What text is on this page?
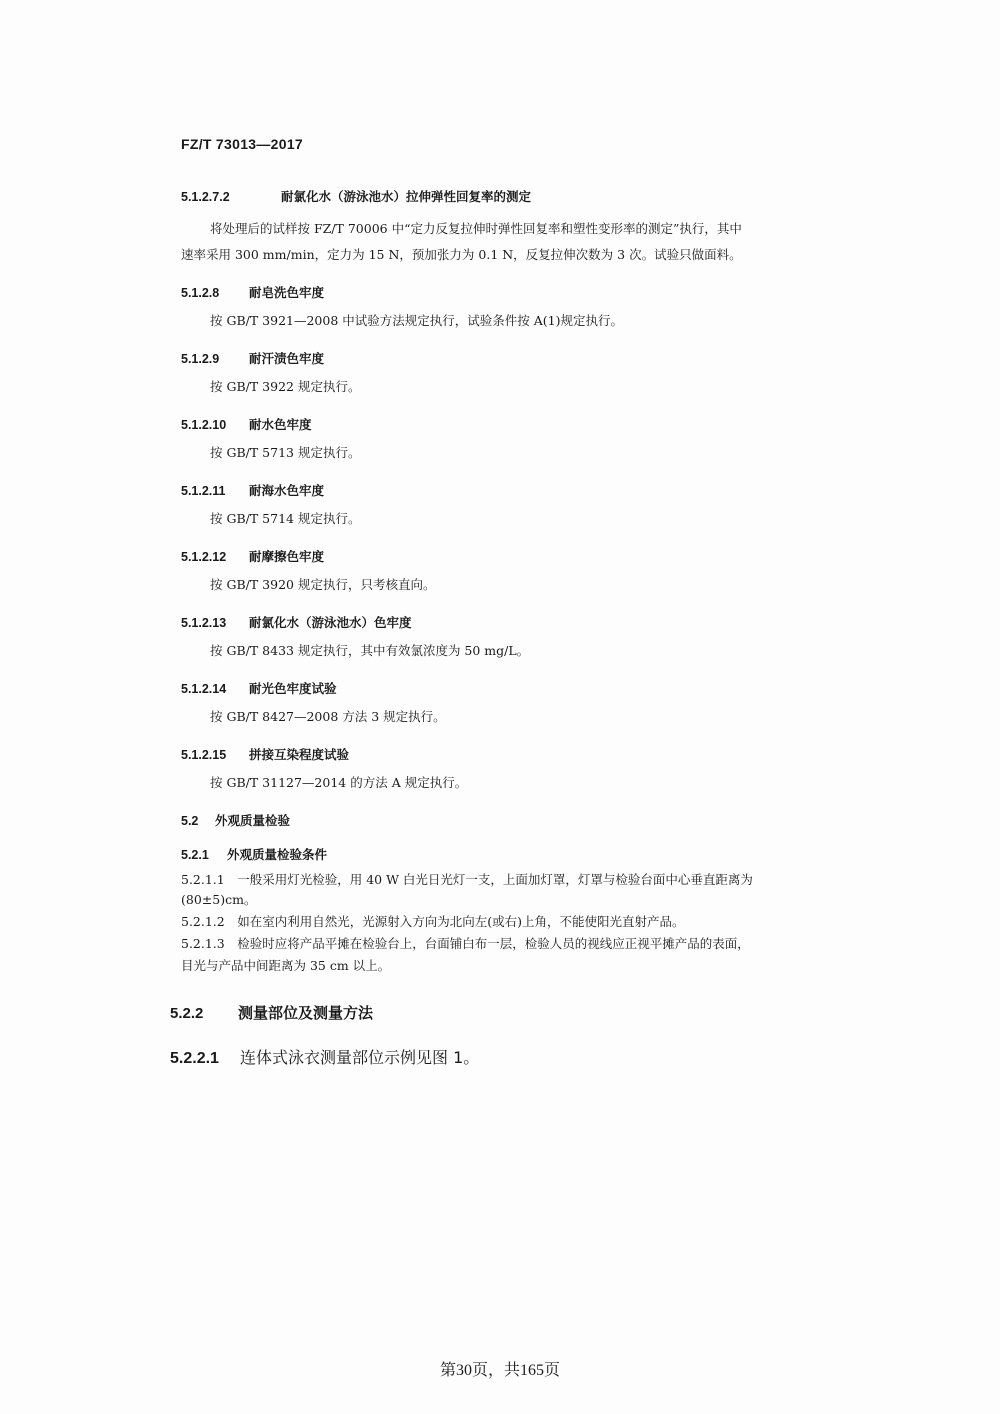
FZ/T 73013—2017
5.1.2.7.2	耐氯化水（游泳池水）拉伸弹性回复率的测定
将处理后的试样按 FZ/T 70006 中“定力反复拉伸时弹性回复率和塑性变形率的测定”执行，其中
速率采用 300 mm/min，定力为 15 N，预加张力为 0.1 N，反复拉伸次数为 3 次。试验只做面料。
5.1.2.8 耐皂洗色牢度
按 GB/T 3921—2008 中试验方法规定执行，试验条件按 A(1)规定执行。
5.1.2.9 耐汗渍色牢度
按 GB/T 3922 规定执行。
5.1.2.10 耐水色牢度
按 GB/T 5713 规定执行。
5.1.2.11 耐海水色牢度
按 GB/T 5714 规定执行。
5.1.2.12 耐摩擦色牢度
按 GB/T 3920 规定执行，只考核直向。
5.1.2.13 耐氯化水（游泳池水）色牢度
按 GB/T 8433 规定执行，其中有效氯浓度为 50 mg/L。
5.1.2.14 耐光色牢度试验
按 GB/T 8427—2008 方法 3 规定执行。
5.1.2.15 拼接互染程度试验
按 GB/T 31127—2014 的方法 A 规定执行。
5.2 外观质量检验
5.2.1 外观质量检验条件
5.2.1.1　一般采用灯光检验，用 40 W 白光日光灯一支，上面加灯罩，灯罩与检验台面中心垂直距离为
(80±5)cm。
5.2.1.2　如在室内利用自然光，光源射入方向为北向左(或右)上角，不能使阳光直射产品。
5.2.1.3　检验时应将产品平摊在检验台上，台面铺白布一层，检验人员的视线应正视平摊产品的表面，
目光与产品中间距离为 35 cm 以上。
5.2.2 测量部位及测量方法
5.2.2.1 连体式泳衣测量部位示例见图 1。
第30页，共165页
